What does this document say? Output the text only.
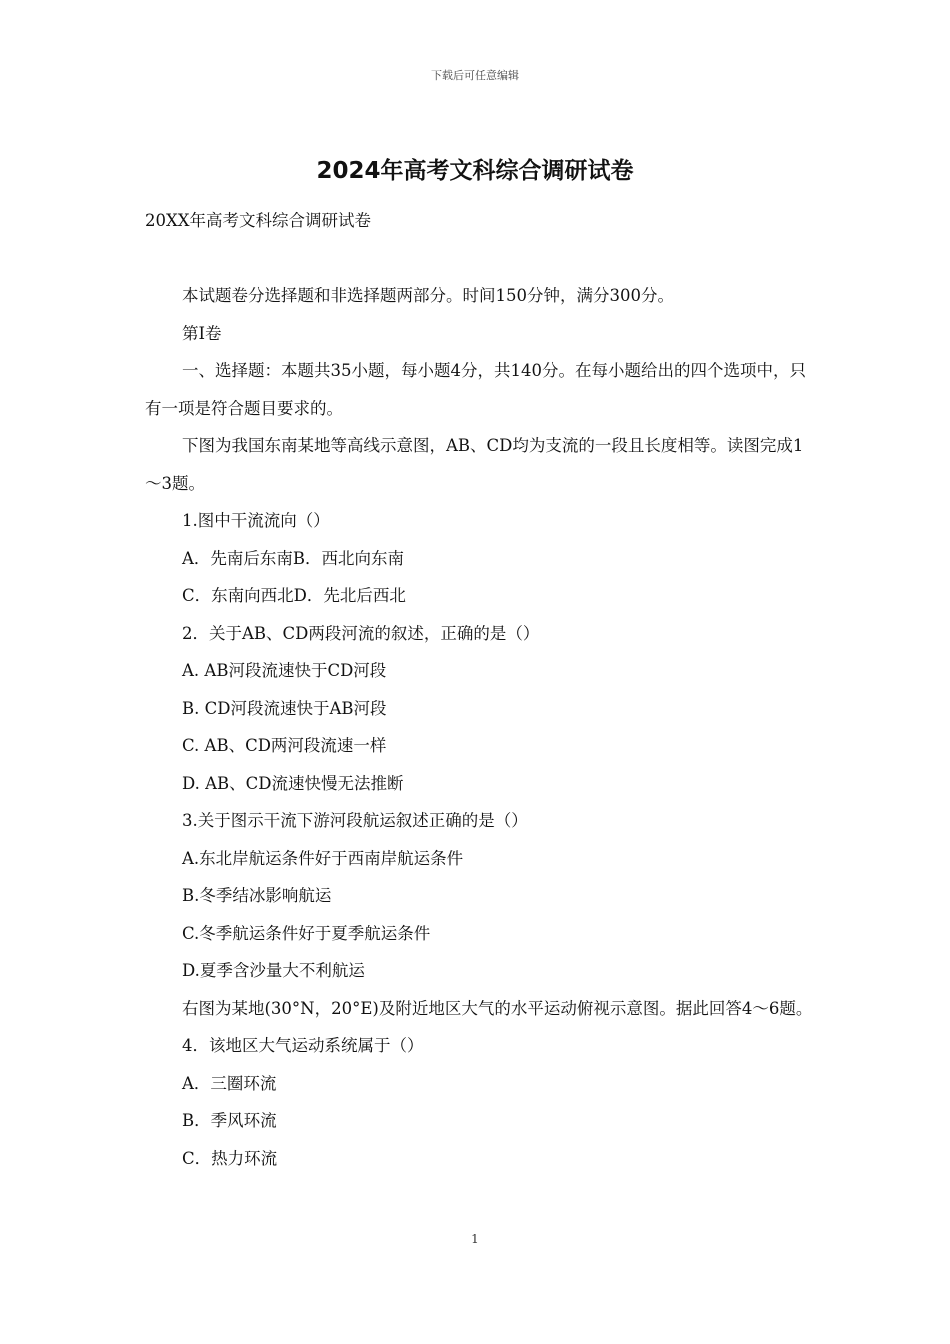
下载后可任意编辑
2024年高考文科综合调研试卷

20XX年高考文科综合调研试卷

本试题卷分选择题和非选择题两部分。时间150分钟，满分300分。

第Ⅰ卷

一、选择题：本题共35小题，每小题4分，共140分。在每小题给出的四个选项中，只有一项是符合题目要求的。

下图为我国东南某地等高线示意图，AB、CD均为支流的一段且长度相等。读图完成1～3题。

1.图中干流流向（）

A．先南后东南B．西北向东南

C．东南向西北D．先北后西北

2．关于AB、CD两段河流的叙述，正确的是（）

A. AB河段流速快于CD河段

B. CD河段流速快于AB河段

C. AB、CD两河段流速一样

D. AB、CD流速快慢无法推断

3.关于图示干流下游河段航运叙述正确的是（）

A.东北岸航运条件好于西南岸航运条件

B.冬季结冰影响航运

C.冬季航运条件好于夏季航运条件

D.夏季含沙量大不利航运

右图为某地(30°N，20°E)及附近地区大气的水平运动俯视示意图。据此回答4～6题。

4．该地区大气运动系统属于（）

A．三圈环流

B．季风环流

C．热力环流

1
